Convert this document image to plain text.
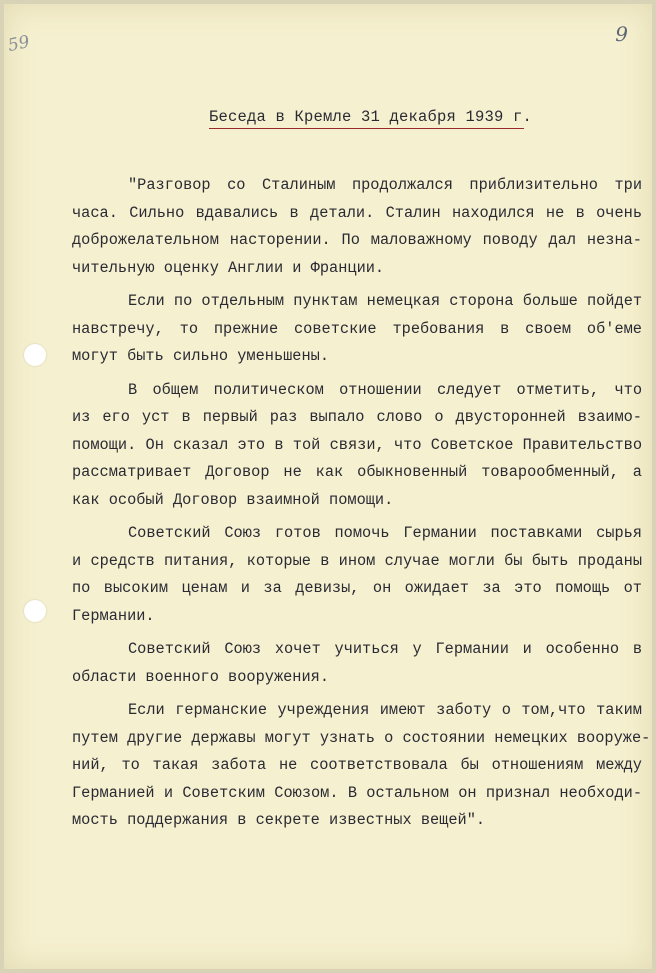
59	9
Беседа в Кремле 31 декабря 1939 г.
"Разговор со Сталиным продолжался приблизительно три
часа. Сильно вдавались в детали. Сталин находился не в очень
доброжелательном насторении. По маловажному поводу дал незна-
чительную оценку Англии и Франции.
Если по отдельным пунктам немецкая сторона больше пойдет
навстречу, то прежние советские требования в своем об'еме
могут быть сильно уменьшены.
В общем политическом отношении следует отметить, что
из его уст в первый раз выпало слово о двусторонней взаимо-
помощи. Он сказал это в той связи, что Советское Правительство
рассматривает Договор не как обыкновенный товарообменный, а
как особый Договор взаимной помощи.
Советский Союз готов помочь Германии поставками сырья
и средств питания, которые в ином случае могли бы быть проданы
по высоким ценам и за девизы, он ожидает за это помощь от
Германии.
Советский Союз хочет учиться у Германии и особенно в
области военного вооружения.
Если германские учреждения имеют заботу о том,что таким
путем другие державы могут узнать о состоянии немецких вооруже-
ний, то такая забота не соответствовала бы отношениям между
Германией и Советским Союзом. В остальном он признал необходи-
мость поддержания в секрете известных вещей".
